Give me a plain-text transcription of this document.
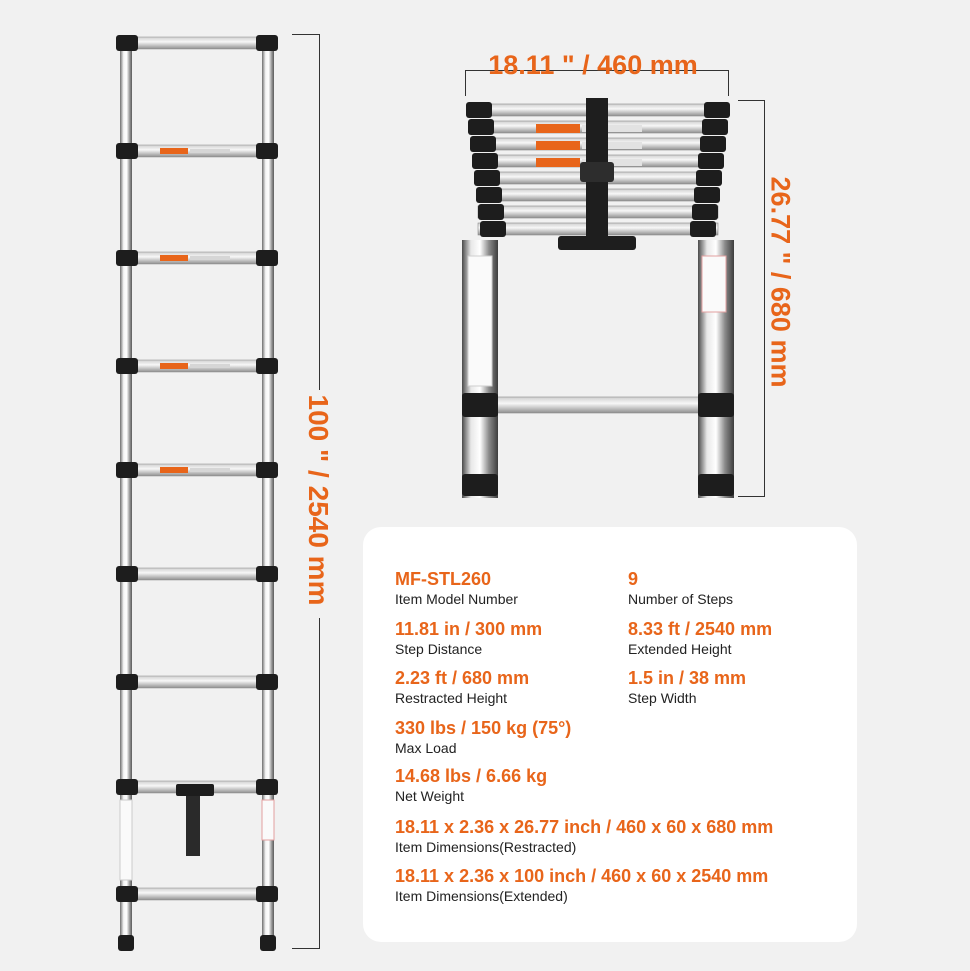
100 " / 2540 mm
18.11 " / 460 mm
26.77 " / 680 mm
MF-STL260
Item Model Number
9
Number of Steps
11.81 in / 300 mm
Step Distance
8.33 ft / 2540 mm
Extended Height
2.23 ft / 680 mm
Restracted Height
1.5 in / 38 mm
Step Width
330 lbs / 150 kg (75°)
Max Load
14.68 lbs / 6.66 kg
Net Weight
18.11 x 2.36 x 26.77 inch / 460 x 60 x 680 mm
Item Dimensions(Restracted)
18.11 x 2.36 x 100 inch / 460 x 60 x 2540 mm
Item Dimensions(Extended)
